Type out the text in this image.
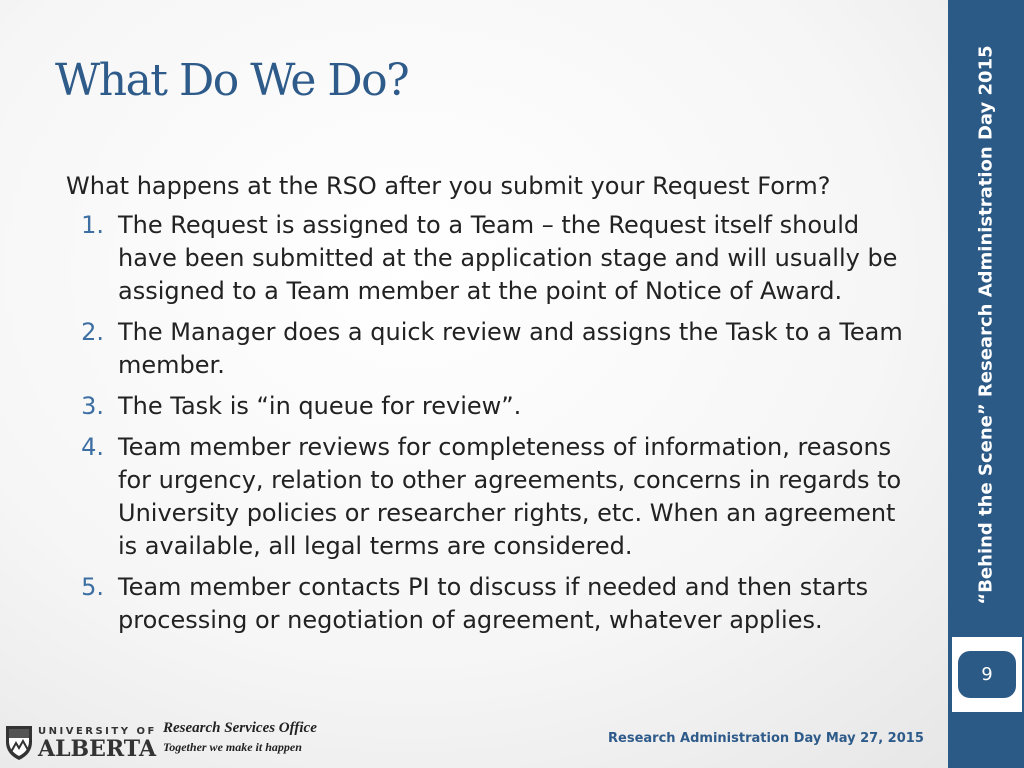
What Do We Do?

What happens at the RSO after you submit your Request Form?

1. The Request is assigned to a Team – the Request itself should have been submitted at the application stage and will usually be assigned to a Team member at the point of Notice of Award.
2. The Manager does a quick review and assigns the Task to a Team member.
3. The Task is “in queue for review”.
4. Team member reviews for completeness of information, reasons for urgency, relation to other agreements, concerns in regards to University policies or researcher rights, etc. When an agreement is available, all legal terms are considered.
5. Team member contacts PI to discuss if needed and then starts processing or negotiation of agreement, whatever applies.
“Behind the Scene” Research Administration Day 2015
9
UNIVERSITY OF
ALBERTA
Research Services Office
Together we make it happen
Research Administration Day May 27, 2015
